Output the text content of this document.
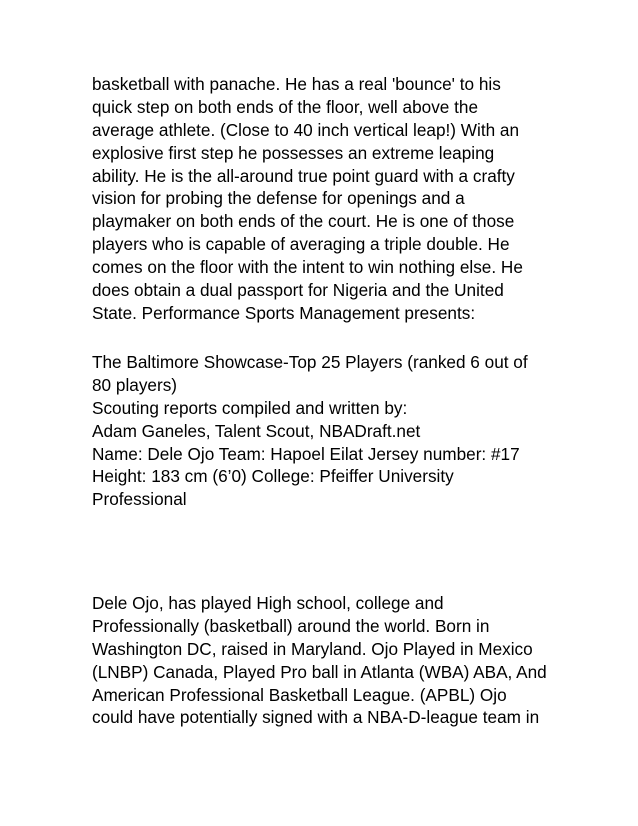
basketball with panache. He has a real 'bounce' to his
quick step on both ends of the floor, well above the
average athlete. (Close to 40 inch vertical leap!) With an
explosive first step he possesses an extreme leaping
ability. He is the all-around true point guard with a crafty
vision for probing the defense for openings and a
playmaker on both ends of the court. He is one of those
players who is capable of averaging a triple double. He
comes on the floor with the intent to win nothing else. He
does obtain a dual passport for Nigeria and the United
State. Performance Sports Management presents:
The Baltimore Showcase-Top 25 Players (ranked 6 out of
80 players)
Scouting reports compiled and written by:
Adam Ganeles, Talent Scout, NBADraft.net
Name: Dele Ojo Team: Hapoel Eilat Jersey number: #17
Height: 183 cm (6’0) College: Pfeiffer University
Professional
Dele Ojo, has played High school, college and
Professionally (basketball) around the world. Born in
Washington DC, raised in Maryland. Ojo Played in Mexico
(LNBP) Canada, Played Pro ball in Atlanta (WBA) ABA, And
American Professional Basketball League. (APBL) Ojo
could have potentially signed with a NBA-D-league team in
